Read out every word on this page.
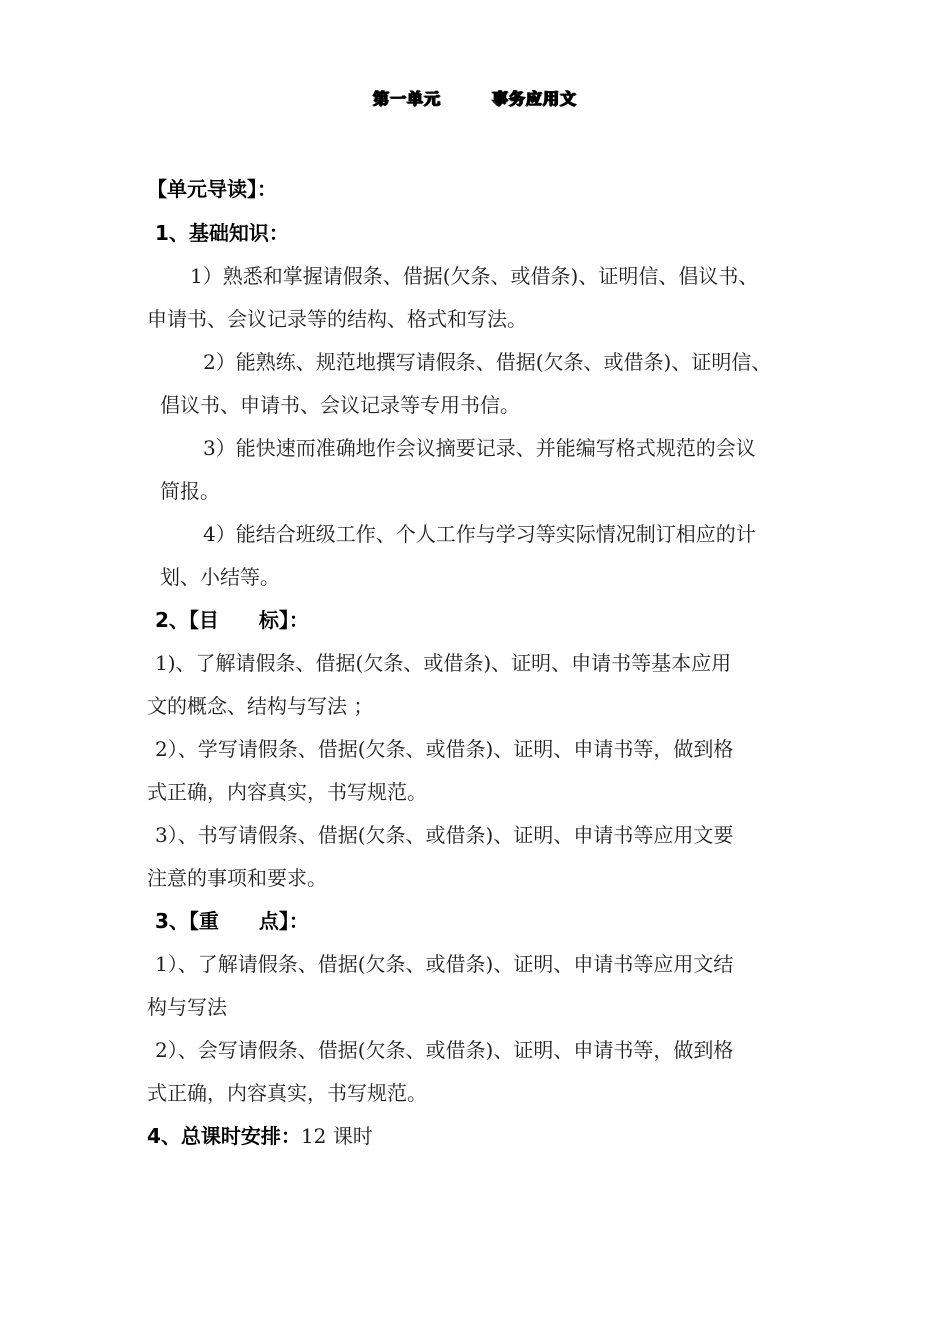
第一单元　　　事务应用文
【单元导读】：
1、基础知识：
1）熟悉和掌握请假条、借据(欠条、或借条)、证明信、倡议书、
申请书、会议记录等的结构、格式和写法。
2）能熟练、规范地撰写请假条、借据(欠条、或借条)、证明信、
倡议书、申请书、会议记录等专用书信。
3）能快速而准确地作会议摘要记录、并能编写格式规范的会议
简报。
4）能结合班级工作、个人工作与学习等实际情况制订相应的计
划、小结等。
2、【目　　标】：
1)、了解请假条、借据(欠条、或借条)、证明、申请书等基本应用
文的概念、结构与写法 ；
2）、学写请假条、借据(欠条、或借条)、证明、申请书等，做到格
式正确，内容真实，书写规范。
3）、书写请假条、借据(欠条、或借条)、证明、申请书等应用文要
注意的事项和要求。
3、【重　　点】：
1）、了解请假条、借据(欠条、或借条)、证明、申请书等应用文结
构与写法
2）、会写请假条、借据(欠条、或借条)、证明、申请书等，做到格
式正确，内容真实，书写规范。
4、总课时安排：12 课时
